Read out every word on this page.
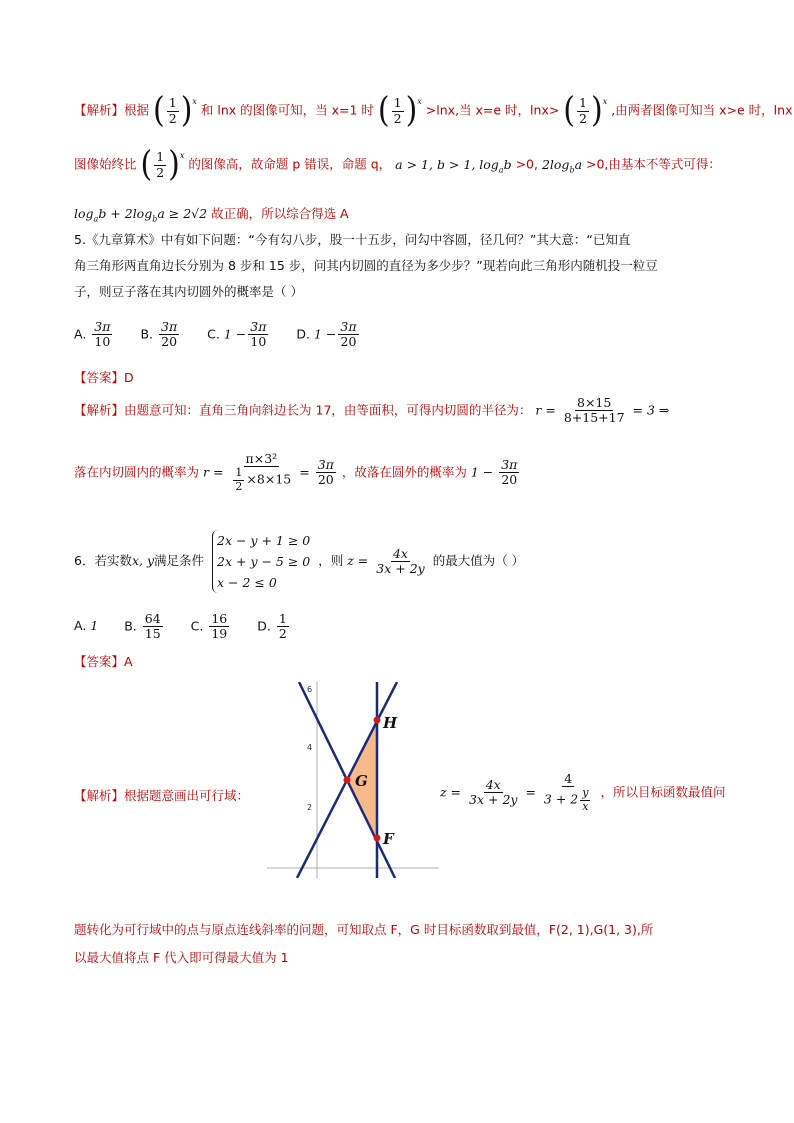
【解析】根据 ( $\frac{1}{2}$ ) x
和 lnx 的图像可知，当 x=1 时 ( $\frac{1}{2}$ ) x
>lnx,当 x=e 时，lnx> ( $\frac{1}{2}$ ) x
,由两者图像可知当 x>e 时，lnx
图像始终比 ( $\frac{1}{2}$ ) x
的图像高，故命题 p 错误，命题 q， a > 1, b > 1, $\log_ab >0$, $2\log_ba >0$,由基本不等式可得：
$\log_ab + 2\log_ba \ge 2√2$ 故正确，所以综合得选 A
5.《九章算术》中有如下问题：“今有勾八步，股一十五步，问勾中容圆，径几何？”其大意：“已知直
角三角形两直角边长分别为 8 步和 15 步，问其内切圆的直径为多少步？”现若向此三角形内随机投一粒豆
子，则豆子落在其内切圆外的概率是（ ）
A. $\frac{3\pi}{10} B$. $\frac{3\pi}{20} C$. $1 - \frac{3\pi}{10} D$. $1 - \frac{3\pi}{20}$
【答案】D
【解析】由题意可知：直角三角向斜边长为 17，由等面积，可得内切圆的半径为： $r = \frac{8\times 15}{8+15+17} = 3$ ⇒
落在内切圆内的概率为 $r = \frac{\text{π×3²}}{\frac{1}{2} \times 8\times 15} = \frac{3\pi}{20}$ ，故落在圆外的概率为 $1 - \frac{3\pi}{20}$
6．若实数x, y满足条件
2x − y + 1 ≥ 0
2x + y − 5 ≥ 0
x − 2 ≤ 0
，则 $z = \frac{4x}{3x + 2y}$ 的最大值为（ ）
A. 1 B. $\frac{64}{15} C$. $\frac{16}{19} D$. $\frac{1}{2}$
【答案】A
【解析】根据题意画出可行域：
6
4
2
H
G
F
$z = \frac{4x}{3x + 2y} = \frac{4}{3 + 2 \frac{y}{x}}$ ，所以目标函数最值问
题转化为可行域中的点与原点连线斜率的问题，可知取点 F，G 时目标函数取到最值，F(2, 1),G(1, 3),所
以最大值将点 F 代入即可得最大值为 1
